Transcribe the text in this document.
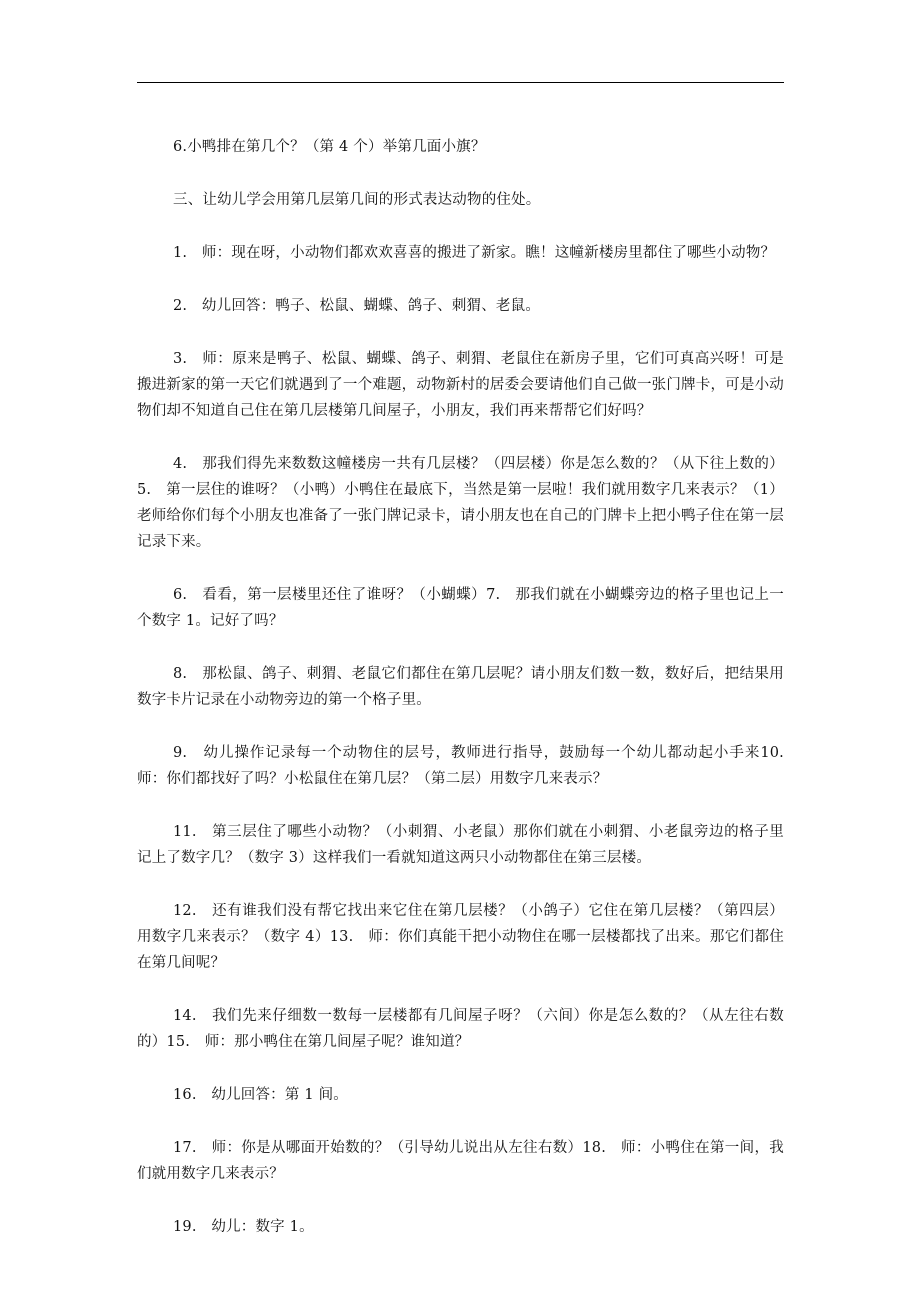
6.小鸭排在第几个？（第 4 个）举第几面小旗？

三、让幼儿学会用第几层第几间的形式表达动物的住处。

1.　师：现在呀，小动物们都欢欢喜喜的搬进了新家。瞧！这幢新楼房里都住了哪些小动物？

2.　幼儿回答：鸭子、松鼠、蝴蝶、鸽子、刺猬、老鼠。

3.　师：原来是鸭子、松鼠、蝴蝶、鸽子、刺猬、老鼠住在新房子里，它们可真高兴呀！可是搬进新家的第一天它们就遇到了一个难题，动物新村的居委会要请他们自己做一张门牌卡，可是小动物们却不知道自己住在第几层楼第几间屋子，小朋友，我们再来帮帮它们好吗？

4.　那我们得先来数数这幢楼房一共有几层楼？（四层楼）你是怎么数的？（从下往上数的）5.　第一层住的谁呀？（小鸭）小鸭住在最底下，当然是第一层啦！我们就用数字几来表示？（1）老师给你们每个小朋友也准备了一张门牌记录卡，请小朋友也在自己的门牌卡上把小鸭子住在第一层记录下来。

6.　看看，第一层楼里还住了谁呀？（小蝴蝶）7.　那我们就在小蝴蝶旁边的格子里也记上一个数字 1。记好了吗？

8.　那松鼠、鸽子、刺猬、老鼠它们都住在第几层呢？请小朋友们数一数，数好后，把结果用数字卡片记录在小动物旁边的第一个格子里。

9.　幼儿操作记录每一个动物住的层号，教师进行指导，鼓励每一个幼儿都动起小手来10.　师：你们都找好了吗？小松鼠住在第几层？（第二层）用数字几来表示？

11.　第三层住了哪些小动物？（小刺猬、小老鼠）那你们就在小刺猬、小老鼠旁边的格子里记上了数字几？（数字 3）这样我们一看就知道这两只小动物都住在第三层楼。

12.　还有谁我们没有帮它找出来它住在第几层楼？（小鸽子）它住在第几层楼？（第四层）用数字几来表示？（数字 4）13.　师：你们真能干把小动物住在哪一层楼都找了出来。那它们都住在第几间呢？

14.　我们先来仔细数一数每一层楼都有几间屋子呀？（六间）你是怎么数的？（从左往右数的）15.　师：那小鸭住在第几间屋子呢？谁知道？

16.　幼儿回答：第 1 间。

17.　师：你是从哪面开始数的？（引导幼儿说出从左往右数）18.　师：小鸭住在第一间，我们就用数字几来表示？

19.　幼儿：数字 1。
